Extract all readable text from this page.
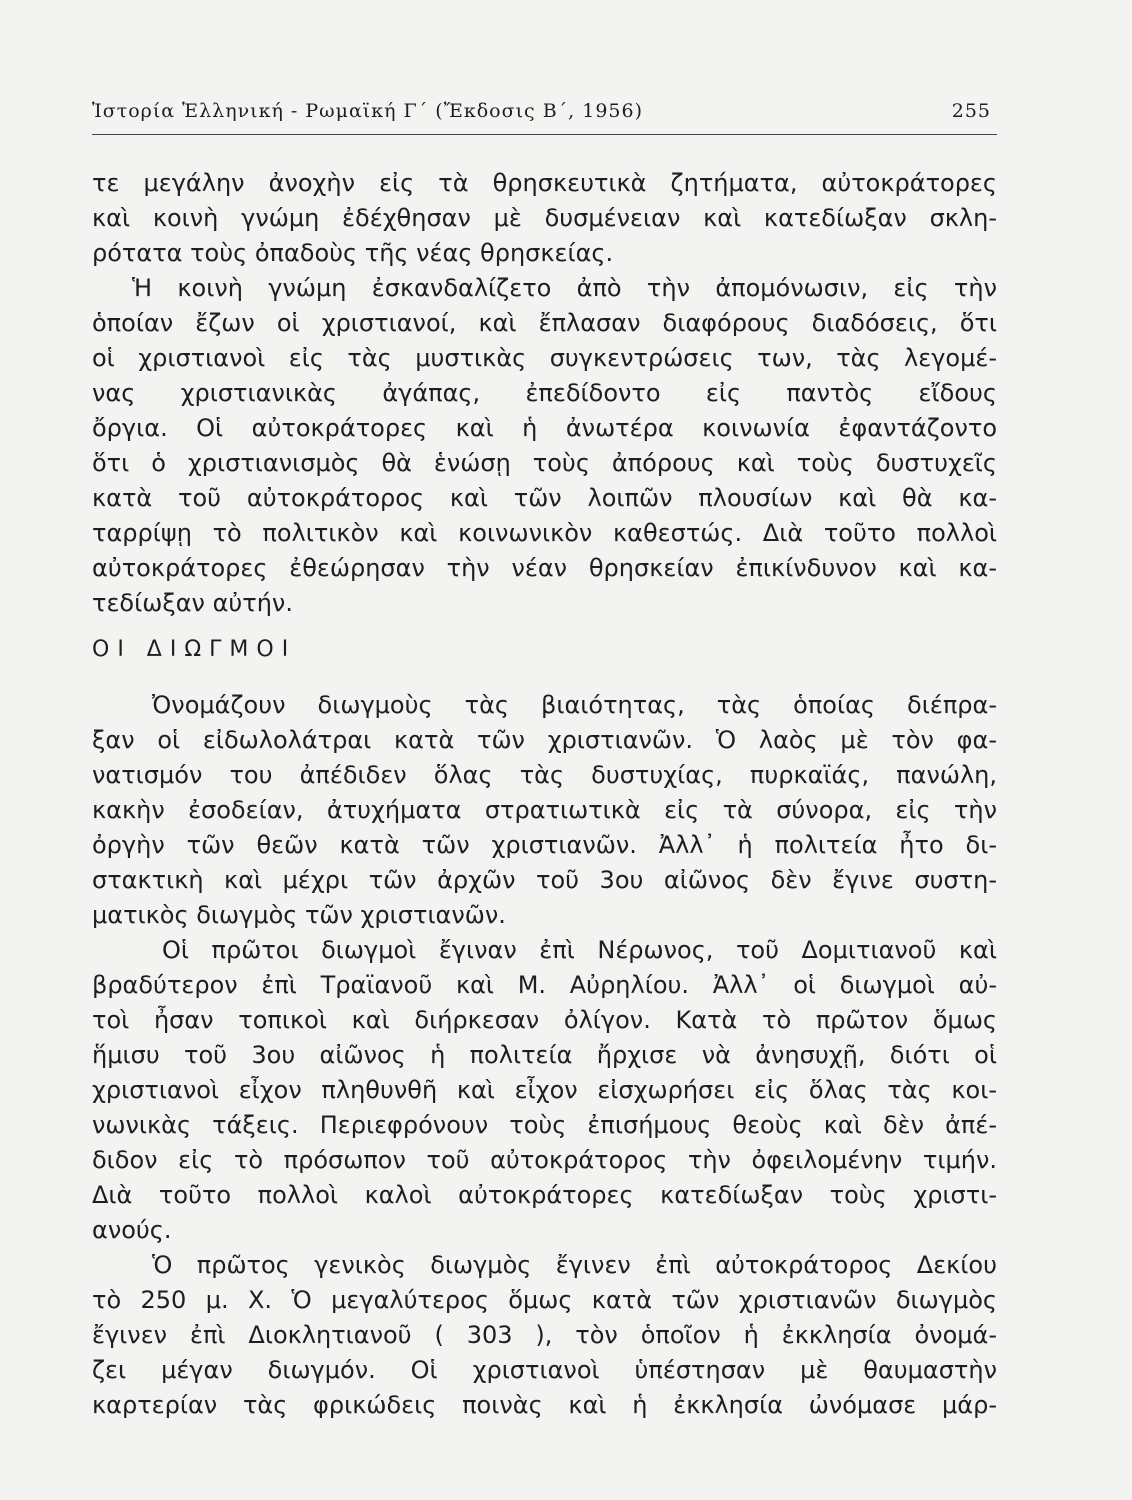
Ἱστορία Ἑλληνική - Ρωμαϊκή Γ΄ (Ἔκδοσις Β΄, 1956)	255
τε μεγάλην ἀνοχὴν εἰς τὰ θρησκευτικὰ ζητήματα, αὐτοκράτορες
καὶ κοινὴ γνώμη ἐδέχθησαν μὲ δυσμένειαν καὶ κατεδίωξαν σκλη-
ρότατα τοὺς ὀπαδοὺς τῆς νέας θρησκείας.
Ἡ κοινὴ γνώμη ἐσκανδαλίζετο ἀπὸ τὴν ἀπομόνωσιν, εἰς τὴν
ὁποίαν ἔζων οἱ χριστιανοί, καὶ ἔπλασαν διαφόρους διαδόσεις, ὅτι
οἱ χριστιανοὶ εἰς τὰς μυστικὰς συγκεντρώσεις των, τὰς λεγομέ-
νας χριστιανικὰς ἀγάπας, ἐπεδίδοντο εἰς παντὸς εἴδους
ὄργια. Οἱ αὐτοκράτορες καὶ ἡ ἀνωτέρα κοινωνία ἐφαντάζοντο
ὅτι ὁ χριστιανισμὸς θὰ ἑνώσῃ τοὺς ἀπόρους καὶ τοὺς δυστυχεῖς
κατὰ τοῦ αὐτοκράτορος καὶ τῶν λοιπῶν πλουσίων καὶ θὰ κα-
ταρρίψῃ τὸ πολιτικὸν καὶ κοινωνικὸν καθεστώς. Διὰ τοῦτο πολλοὶ
αὐτοκράτορες ἐθεώρησαν τὴν νέαν θρησκείαν ἐπικίνδυνον καὶ κα-
τεδίωξαν αὐτήν.
ΟΙ ΔΙΩΓΜΟΙ
Ὀνομάζουν διωγμοὺς τὰς βιαιότητας, τὰς ὁποίας διέπρα-
ξαν οἱ εἰδωλολάτραι κατὰ τῶν χριστιανῶν. Ὁ λαὸς μὲ τὸν φα-
νατισμόν του ἀπέδιδεν ὅλας τὰς δυστυχίας, πυρκαϊάς, πανώλη,
κακὴν ἐσοδείαν, ἀτυχήματα στρατιωτικὰ εἰς τὰ σύνορα, εἰς τὴν
ὀργὴν τῶν θεῶν κατὰ τῶν χριστιανῶν. Ἀλλ᾽ ἡ πολιτεία ἦτο δι-
στακτικὴ καὶ μέχρι τῶν ἀρχῶν τοῦ 3ου αἰῶνος δὲν ἔγινε συστη-
ματικὸς διωγμὸς τῶν χριστιανῶν.
Οἱ πρῶτοι διωγμοὶ ἔγιναν ἐπὶ Νέρωνος, τοῦ Δομιτιανοῦ καὶ
βραδύτερον ἐπὶ Τραϊανοῦ καὶ Μ. Αὐρηλίου. Ἀλλ᾽ οἱ διωγμοὶ αὐ-
τοὶ ἦσαν τοπικοὶ καὶ διήρκεσαν ὀλίγον. Κατὰ τὸ πρῶτον ὅμως
ἥμισυ τοῦ 3ου αἰῶνος ἡ πολιτεία ἤρχισε νὰ ἀνησυχῇ, διότι οἱ
χριστιανοὶ εἶχον πληθυνθῆ καὶ εἶχον εἰσχωρήσει εἰς ὅλας τὰς κοι-
νωνικὰς τάξεις. Περιεφρόνουν τοὺς ἐπισήμους θεοὺς καὶ δὲν ἀπέ-
διδον εἰς τὸ πρόσωπον τοῦ αὐτοκράτορος τὴν ὀφειλομένην τιμήν.
Διὰ τοῦτο πολλοὶ καλοὶ αὐτοκράτορες κατεδίωξαν τοὺς χριστι-
ανούς.
Ὁ πρῶτος γενικὸς διωγμὸς ἔγινεν ἐπὶ αὐτοκράτορος Δεκίου
τὸ 250 μ. Χ. Ὁ μεγαλύτερος ὅμως κατὰ τῶν χριστιανῶν διωγμὸς
ἔγινεν ἐπὶ Διοκλητιανοῦ ( 303 ), τὸν ὁποῖον ἡ ἐκκλησία ὀνομά-
ζει μέγαν διωγμόν. Οἱ χριστιανοὶ ὑπέστησαν μὲ θαυμαστὴν
καρτερίαν τὰς φρικώδεις ποινὰς καὶ ἡ ἐκκλησία ὠνόμασε μάρ-
